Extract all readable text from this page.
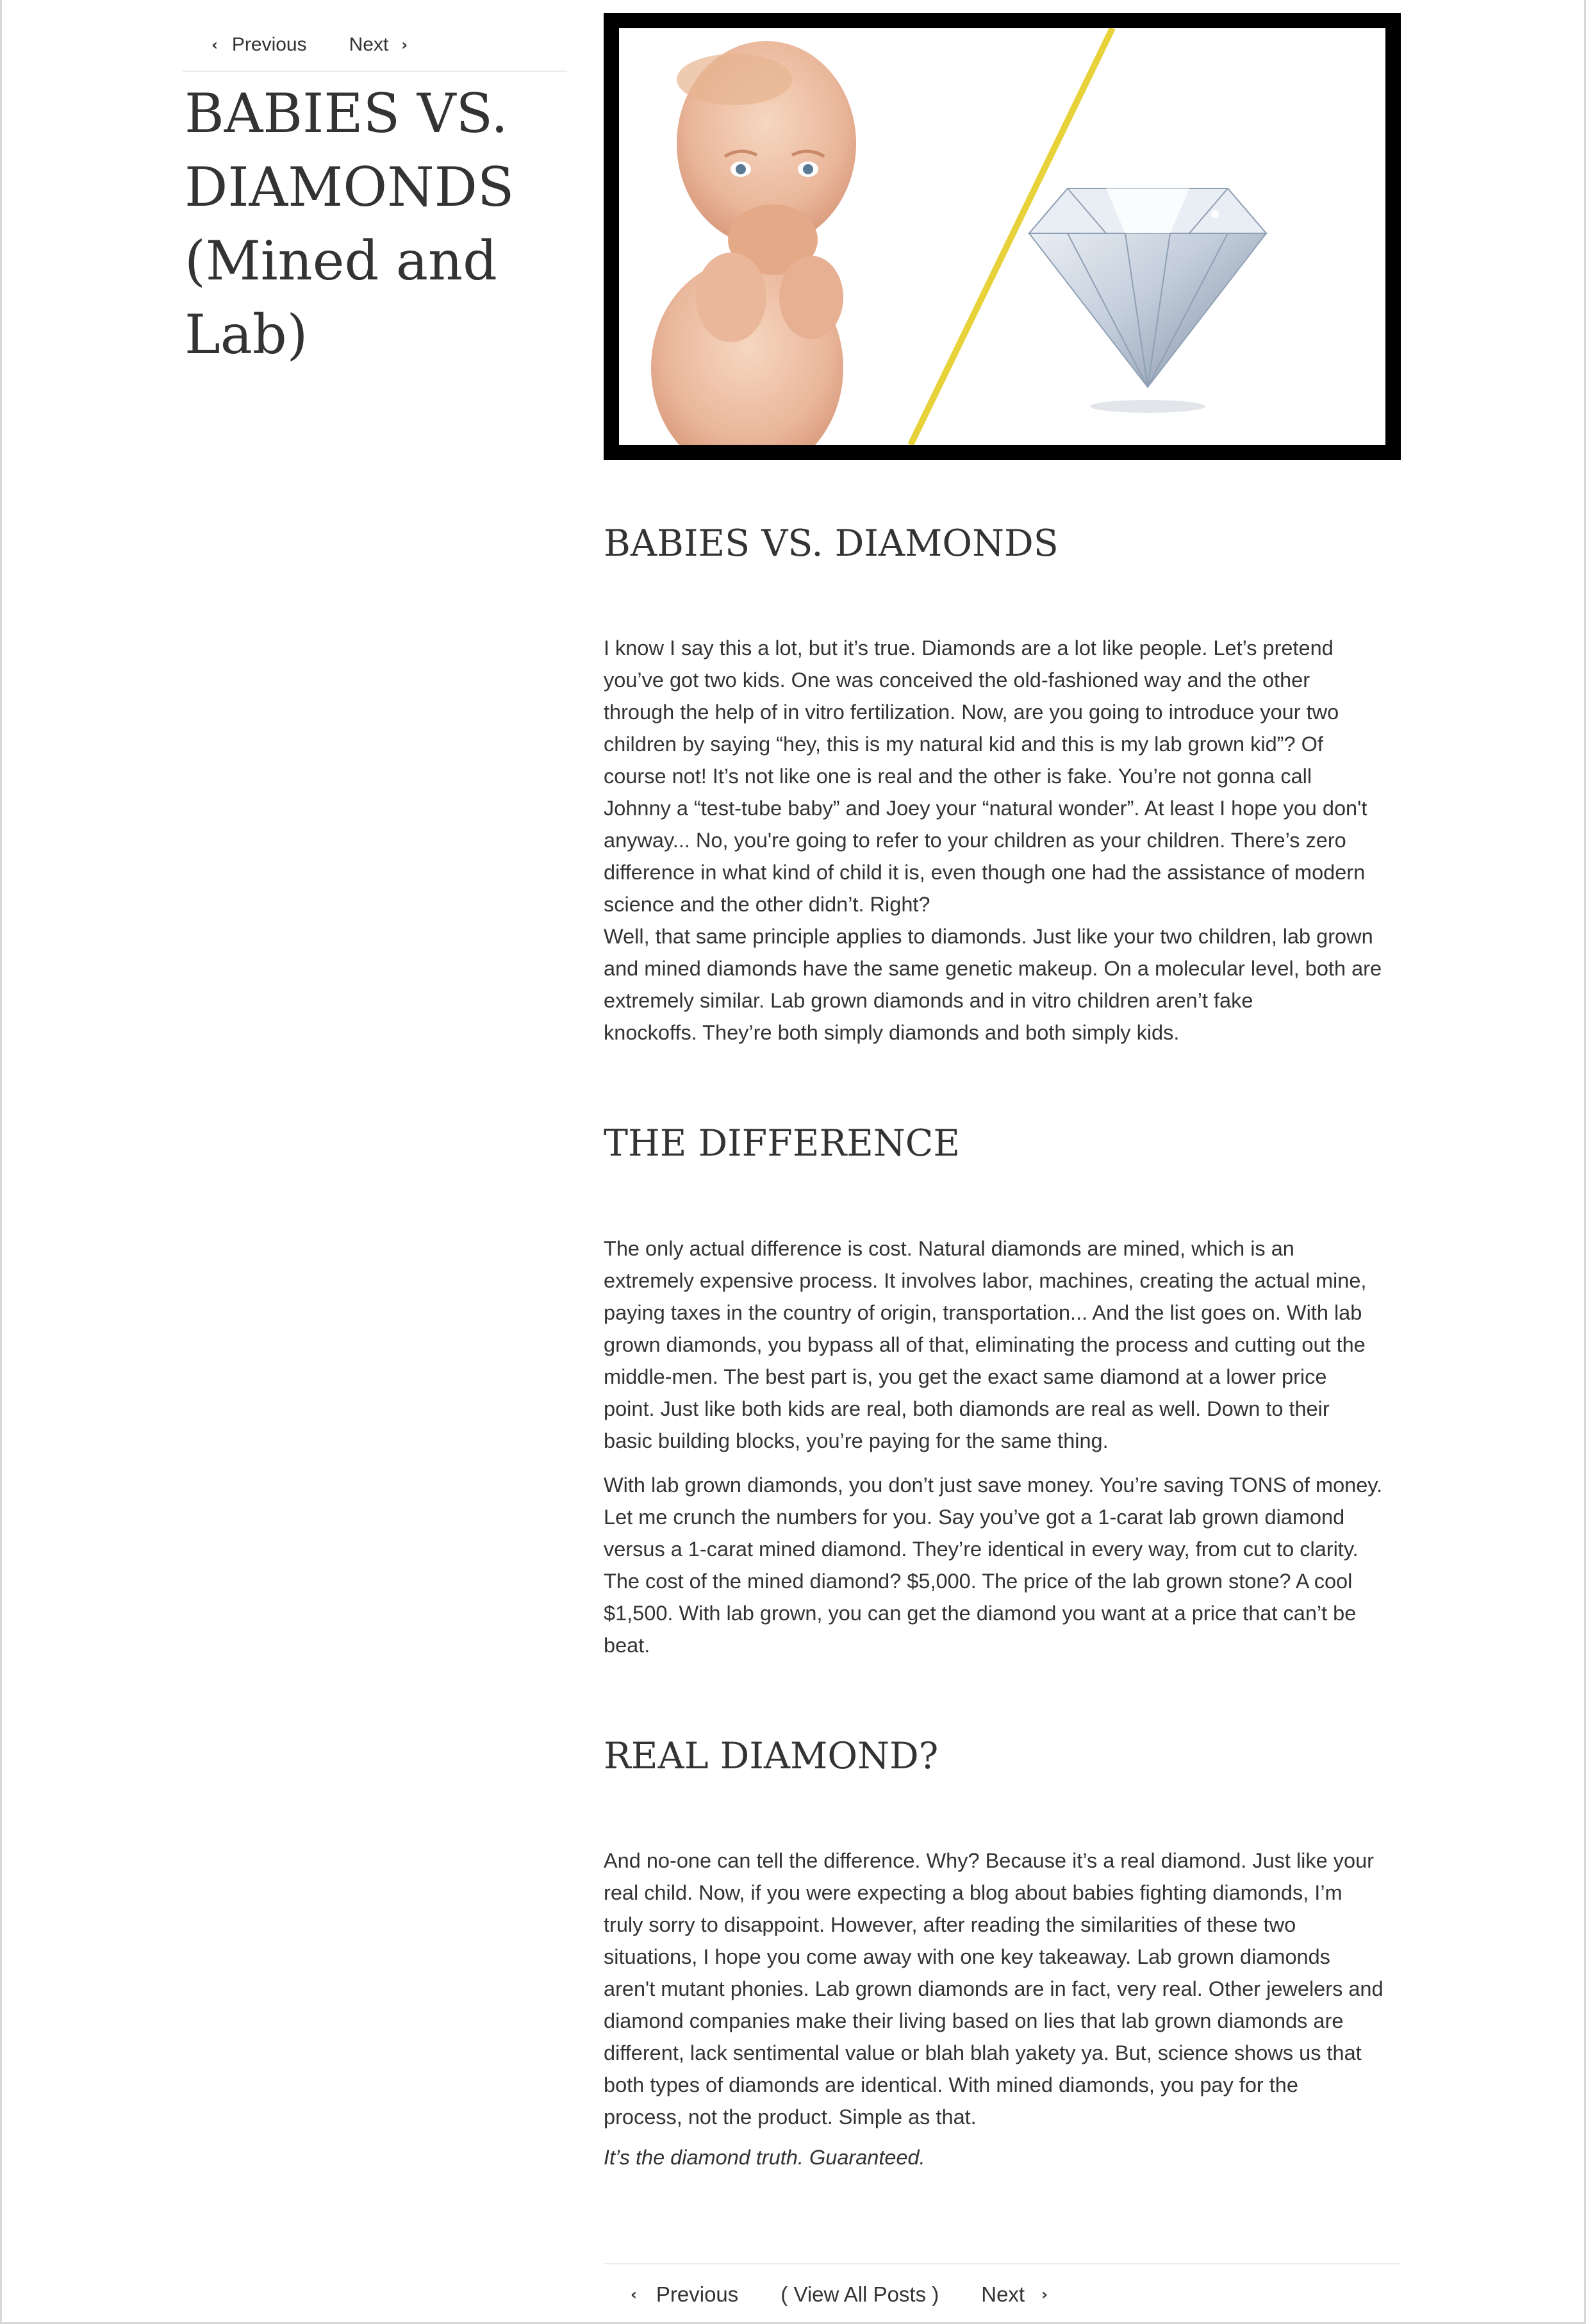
‹ Previous Next ›
BABIES VS.
DIAMONDS
(Mined and
Lab)
BABIES VS. DIAMONDS
I know I say this a lot, but it’s true. Diamonds are a lot like people. Let’s pretend
you’ve got two kids. One was conceived the old-fashioned way and the other
through the help of in vitro fertilization. Now, are you going to introduce your two
children by saying “hey, this is my natural kid and this is my lab grown kid”? Of
course not! It’s not like one is real and the other is fake. You’re not gonna call
Johnny a “test-tube baby” and Joey your “natural wonder”. At least I hope you don't
anyway... No, you're going to refer to your children as your children. There’s zero
difference in what kind of child it is, even though one had the assistance of modern
science and the other didn’t. Right?
Well, that same principle applies to diamonds. Just like your two children, lab grown
and mined diamonds have the same genetic makeup. On a molecular level, both are
extremely similar. Lab grown diamonds and in vitro children aren’t fake
knockoffs. They’re both simply diamonds and both simply kids.
THE DIFFERENCE
The only actual difference is cost. Natural diamonds are mined, which is an
extremely expensive process. It involves labor, machines, creating the actual mine,
paying taxes in the country of origin, transportation... And the list goes on. With lab
grown diamonds, you bypass all of that, eliminating the process and cutting out the
middle-men. The best part is, you get the exact same diamond at a lower price
point. Just like both kids are real, both diamonds are real as well. Down to their
basic building blocks, you’re paying for the same thing.
With lab grown diamonds, you don’t just save money. You’re saving TONS of money.
Let me crunch the numbers for you. Say you’ve got a 1-carat lab grown diamond
versus a 1-carat mined diamond. They’re identical in every way, from cut to clarity.
The cost of the mined diamond? $5,000. The price of the lab grown stone? A cool
$1,500. With lab grown, you can get the diamond you want at a price that can’t be
beat.
REAL DIAMOND?
And no-one can tell the difference. Why? Because it’s a real diamond. Just like your
real child. Now, if you were expecting a blog about babies fighting diamonds, I’m
truly sorry to disappoint. However, after reading the similarities of these two
situations, I hope you come away with one key takeaway. Lab grown diamonds
aren't mutant phonies. Lab grown diamonds are in fact, very real. Other jewelers and
diamond companies make their living based on lies that lab grown diamonds are
different, lack sentimental value or blah blah yakety ya. But, science shows us that
both types of diamonds are identical. With mined diamonds, you pay for the
process, not the product. Simple as that.
It’s the diamond truth. Guaranteed.
‹ Previous ( View All Posts ) Next ›
